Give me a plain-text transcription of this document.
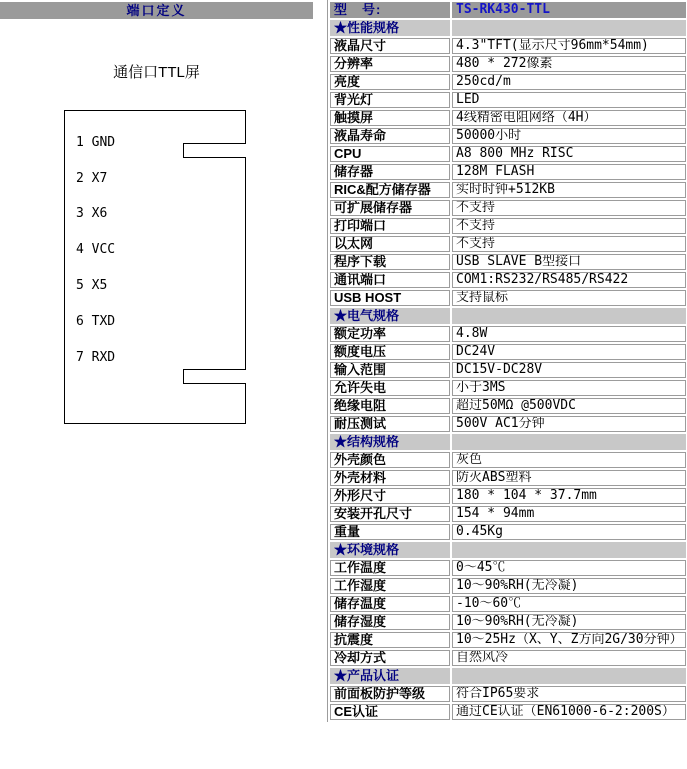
端口定义
通信口TTL屏
1 GND
2 X7
3 X6
4 VCC
5 X5
6 TXD
7 RXD
型　号:	TS-RK430-TTL
★性能规格	
液晶尺寸	4.3"TFT(显示尺寸96mm*54mm)
分辨率	480 * 272像素
亮度	250cd/m
背光灯	LED
触摸屏	4线精密电阻网络（4H）
液晶寿命	50000小时
CPU	A8 800 MHz RISC
储存器	128M FLASH
RIC&配方储存器	实时时钟+512KB
可扩展储存器	不支持
打印端口	不支持
以太网	不支持
程序下载	USB SLAVE B型接口
通讯端口	COM1:RS232/RS485/RS422
USB HOST	支持鼠标
★电气规格	
额定功率	4.8W
额度电压	DC24V
输入范围	DC15V-DC28V
允许失电	小于3MS
绝缘电阻	超过50MΩ @500VDC
耐压测试	500V AC1分钟
★结构规格	
外壳颜色	灰色
外壳材料	防火ABS塑料
外形尺寸	180 * 104 * 37.7mm
安装开孔尺寸	154 * 94mm
重量	0.45Kg
★环境规格	
工作温度	0～45℃
工作湿度	10～90%RH(无冷凝)
储存温度	-10～60℃
储存湿度	10～90%RH(无冷凝)
抗震度	10～25Hz（X、Y、Z方向2G/30分钟）
冷却方式	自然风冷
★产品认证	
前面板防护等级	符合IP65要求
CE认证	通过CE认证（EN61000-6-2:200S）
